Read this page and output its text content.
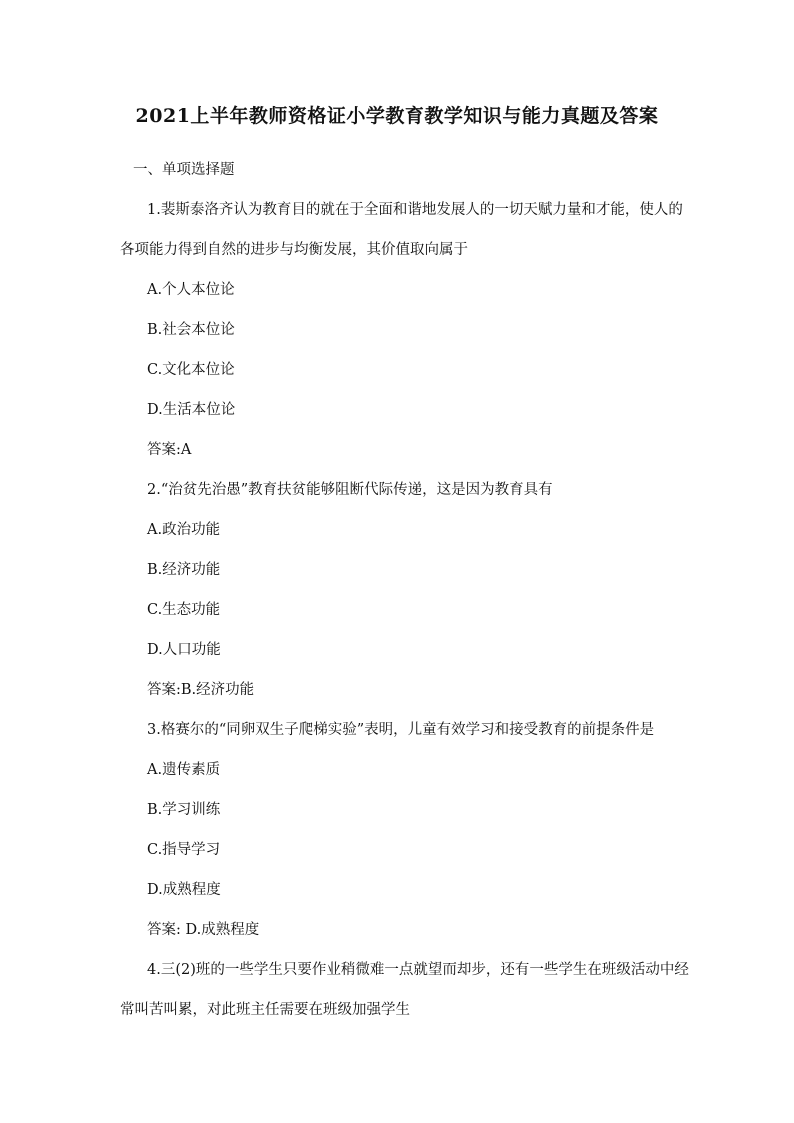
2021上半年教师资格证小学教育教学知识与能力真题及答案
一、单项选择题
1.裴斯泰洛齐认为教育目的就在于全面和谐地发展人的一切天赋力量和才能，使人的
各项能力得到自然的进步与均衡发展，其价值取向属于
A.个人本位论
B.社会本位论
C.文化本位论
D.生活本位论
答案:A
2.“治贫先治愚”教育扶贫能够阻断代际传递，这是因为教育具有
A.政治功能
B.经济功能
C.生态功能
D.人口功能
答案:B.经济功能
3.格赛尔的“同卵双生子爬梯实验”表明，儿童有效学习和接受教育的前提条件是
A.遗传素质
B.学习训练
C.指导学习
D.成熟程度
答案: D.成熟程度
4.三(2)班的一些学生只要作业稍微难一点就望而却步，还有一些学生在班级活动中经
常叫苦叫累，对此班主任需要在班级加强学生
